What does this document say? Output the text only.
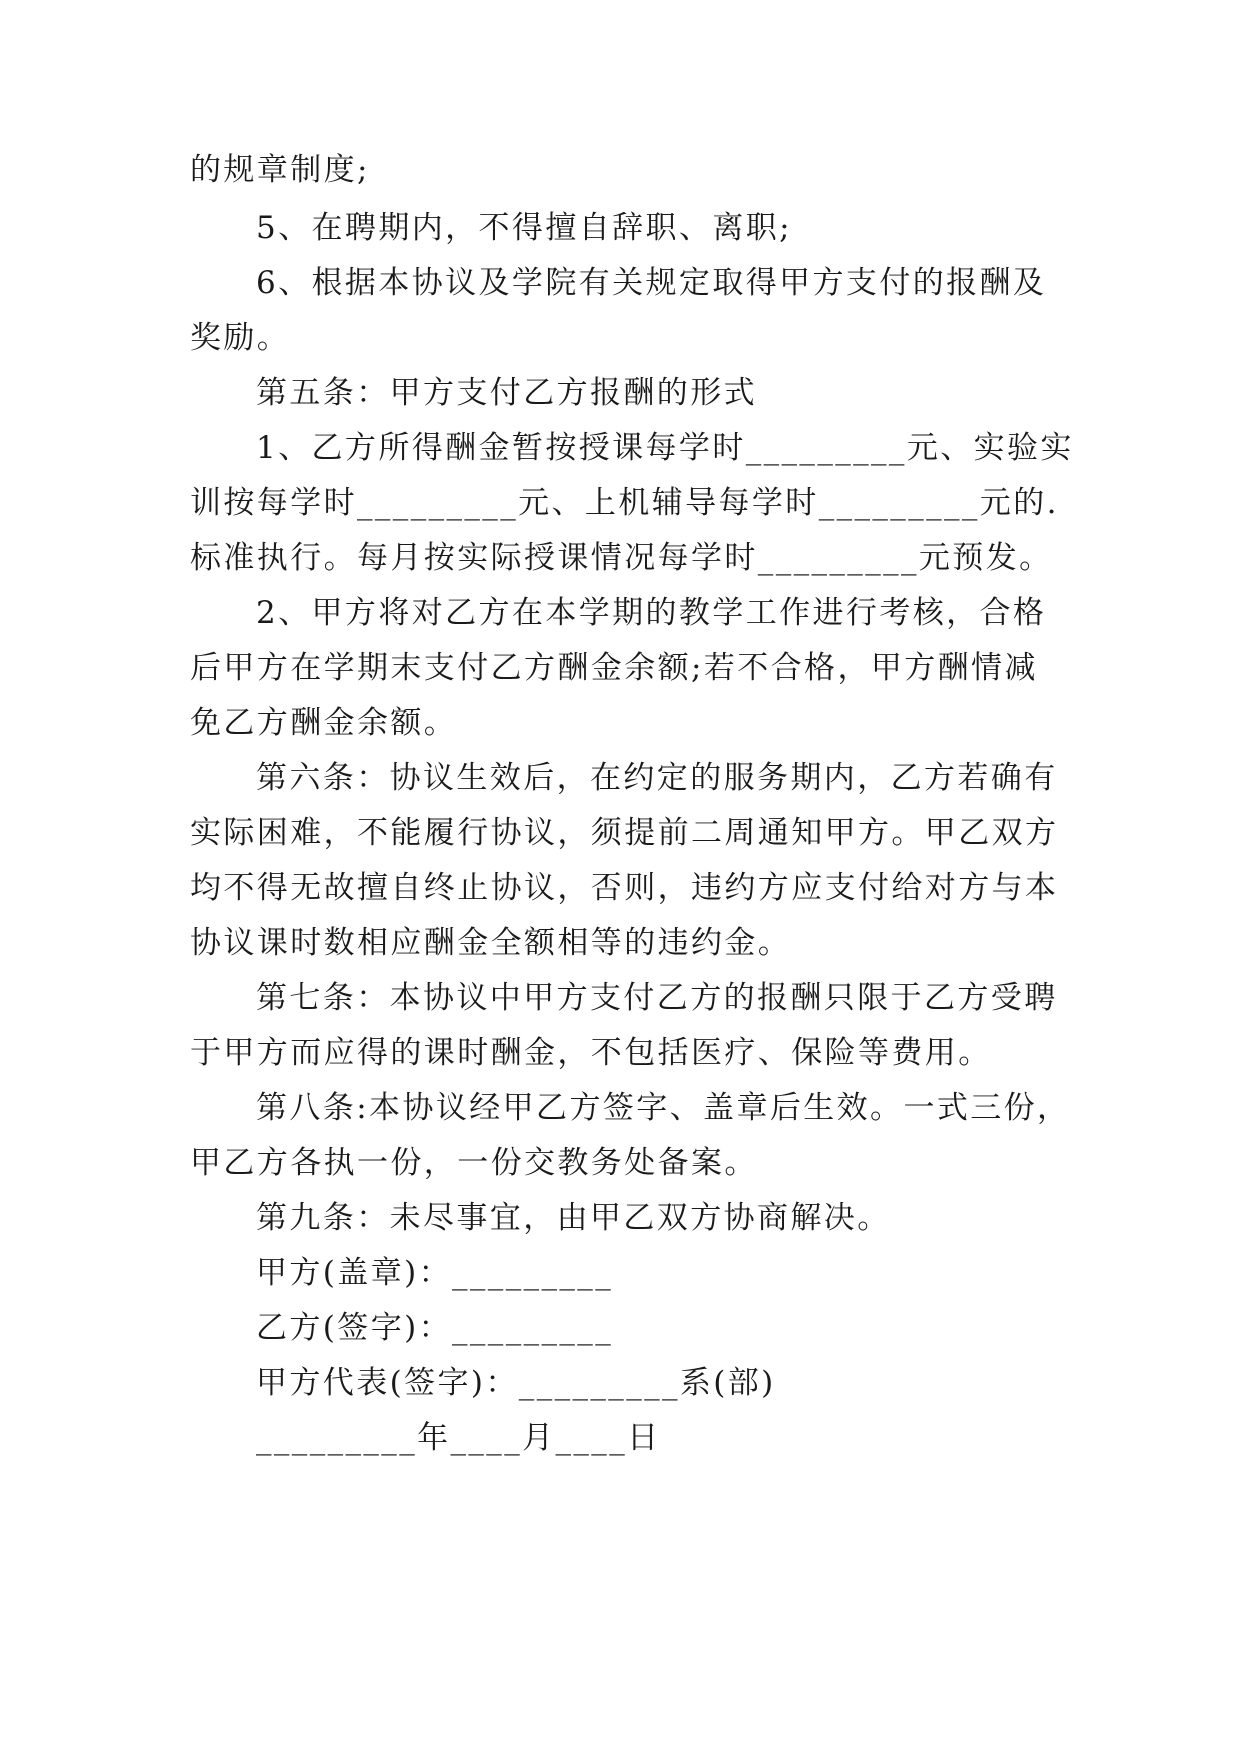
的规章制度;
5、在聘期内，不得擅自辞职、离职;
6、根据本协议及学院有关规定取得甲方支付的报酬及
奖励。
第五条：甲方支付乙方报酬的形式
1、乙方所得酬金暂按授课每学时_________元、实验实
训按每学时_________元、上机辅导每学时_________元的.
标准执行。每月按实际授课情况每学时_________元预发。
2、甲方将对乙方在本学期的教学工作进行考核，合格
后甲方在学期末支付乙方酬金余额;若不合格，甲方酬情减
免乙方酬金余额。
第六条：协议生效后，在约定的服务期内，乙方若确有
实际困难，不能履行协议，须提前二周通知甲方。甲乙双方
均不得无故擅自终止协议，否则，违约方应支付给对方与本
协议课时数相应酬金全额相等的违约金。
第七条：本协议中甲方支付乙方的报酬只限于乙方受聘
于甲方而应得的课时酬金，不包括医疗、保险等费用。
第八条:本协议经甲乙方签字、盖章后生效。一式三份，
甲乙方各执一份，一份交教务处备案。
第九条：未尽事宜，由甲乙双方协商解决。
甲方(盖章)：_________
乙方(签字)：_________
甲方代表(签字)：_________系(部)
_________年____月____日
